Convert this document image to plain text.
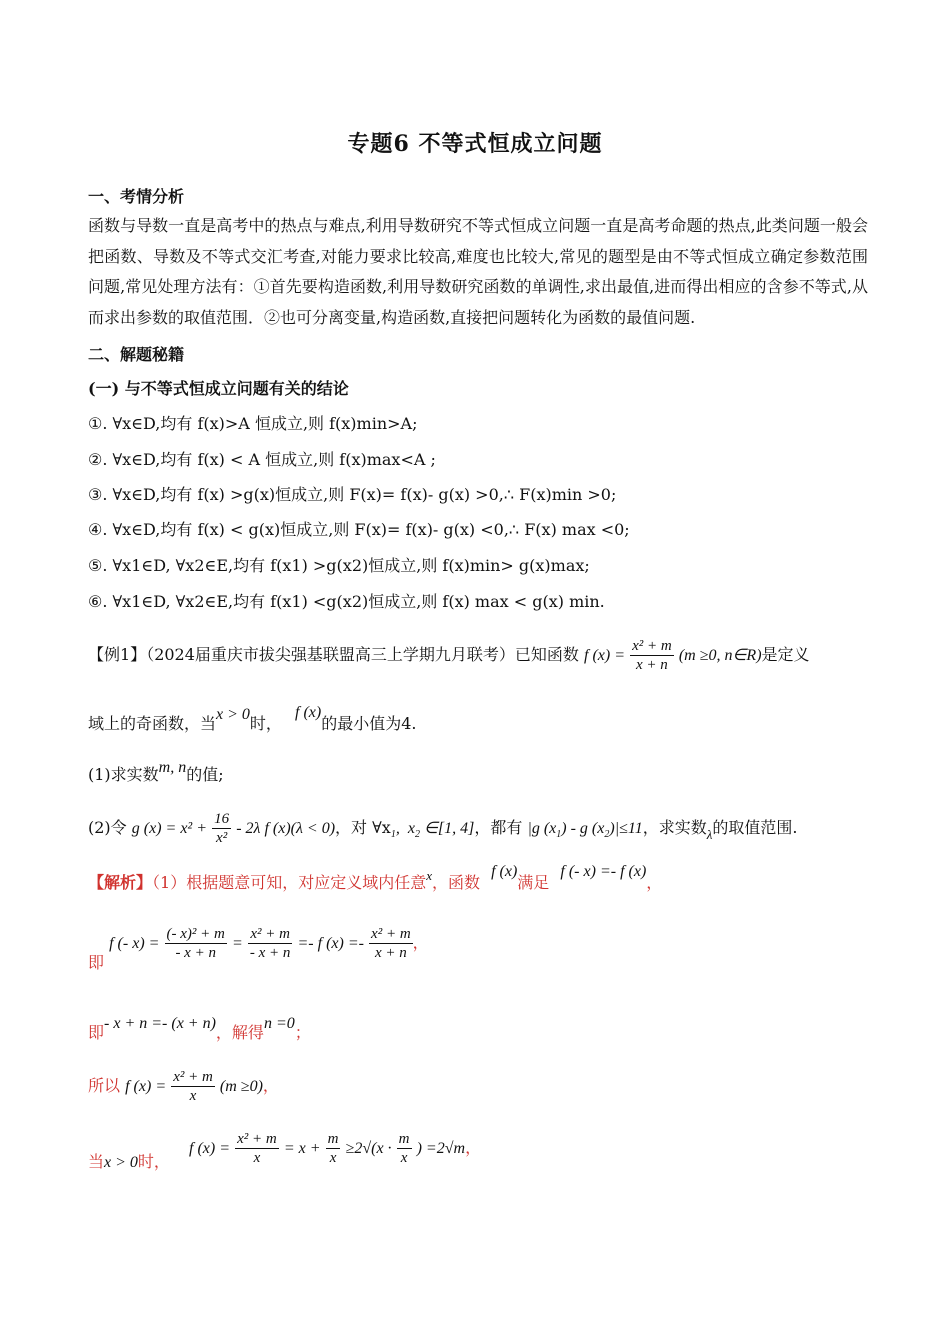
专题6 不等式恒成立问题
一、考情分析
函数与导数一直是高考中的热点与难点,利用导数研究不等式恒成立问题一直是高考命题的热点,此类问题一般会把函数、导数及不等式交汇考查,对能力要求比较高,难度也比较大,常见的题型是由不等式恒成立确定参数范围问题,常见处理方法有：①首先要构造函数,利用导数研究函数的单调性,求出最值,进而得出相应的含参不等式,从而求出参数的取值范围．②也可分离变量,构造函数,直接把问题转化为函数的最值问题.
二、解题秘籍
(一) 与不等式恒成立问题有关的结论
①. ∀x∈D,均有 f(x)>A 恒成立,则 f(x)min>A;
②. ∀x∈D,均有 f(x) < A 恒成立,则 f(x)max<A ;
③. ∀x∈D,均有 f(x) >g(x)恒成立,则 F(x)= f(x)- g(x) >0,∴ F(x)min >0;
④. ∀x∈D,均有 f(x) < g(x)恒成立,则 F(x)= f(x)- g(x) <0,∴ F(x) max <0;
⑤. ∀x1∈D, ∀x2∈E,均有 f(x1) >g(x2)恒成立,则 f(x)min> g(x)max;
⑥. ∀x1∈D, ∀x2∈E,均有 f(x1) <g(x2)恒成立,则 f(x) max < g(x) min.
【例1】（2024届重庆市拔尖强基联盟高三上学期九月联考）已知函数 f $(x) = \frac{\text{x² + m}}{x + n} (m \ge 0$, n∈R)是定义
域上的奇函数，当x > 0时， f (x)的最小值为4.
(1)求实数m, n的值;
(2)令 g $(x) = x^2 + \frac{16}{\text{x²}} - 2\lambda$ f (x)(λ < 0)，对 $\forall x_1$,  $x_2$ ∈[1, 4]，都有 |g $(x_1)$ - g $(x_2)|\le 11$，求实数$_\lambda$的取值范围.
【解析】（1）根据题意可知，对应定义域内任意$^x$，函数 f (x)满足 f (- x) =- f (x)，
即 f (- $x) = \frac{\text{(- x)² + m}}{- x + n} = \frac{\text{x² + m}}{- x + n} =- f$ $(x) =- \frac{\text{x² + m}}{x + n}$ ，
即- x + n =- (x + n)，解得n =0；
所以 f $(x) = \frac{\text{x² + m}}{x} (m \ge 0)$，
当x > 0时， f $(x) = \frac{\text{x² + m}}{x} = x + \frac{m}{x} \ge 2√(x \cdot \frac{m}{x}$ ) =2√m，
